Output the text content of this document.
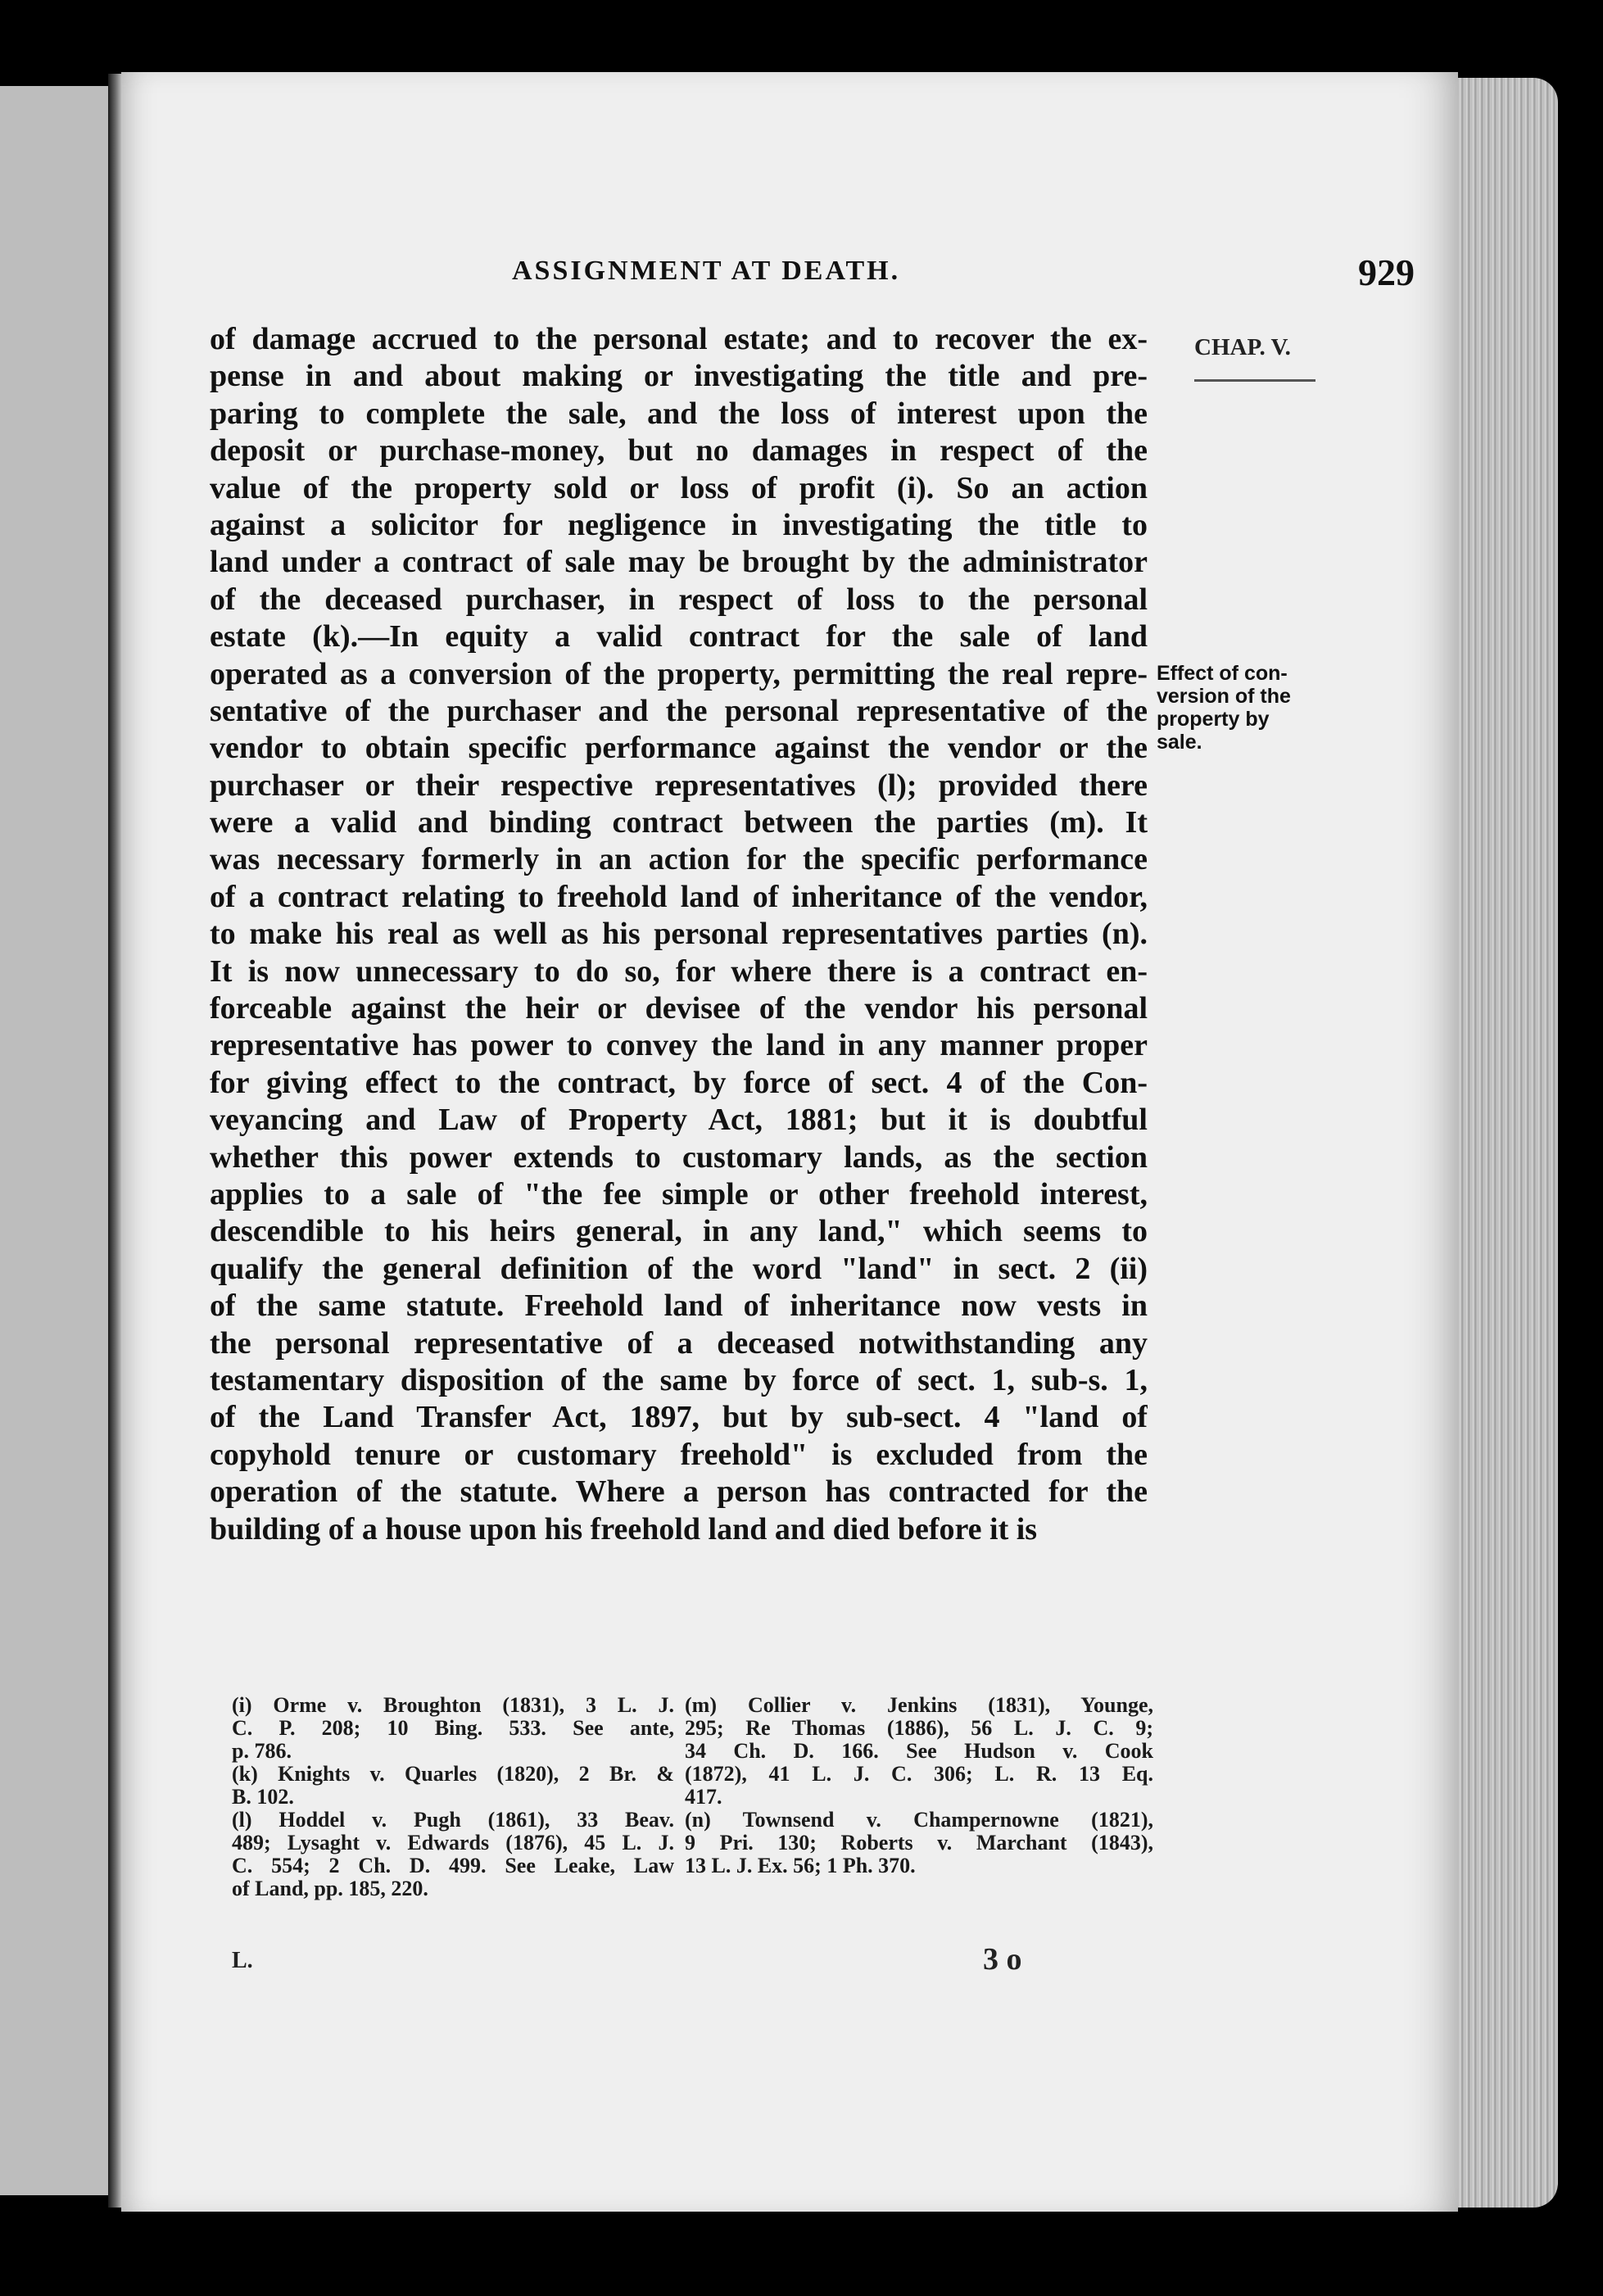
ASSIGNMENT AT DEATH.	929
CHAP. V.
Effect of con-
version of the
property by
sale.
of damage accrued to the personal estate; and to recover the ex-
pense in and about making or investigating the title and pre-
paring to complete the sale, and the loss of interest upon the
deposit or purchase-money, but no damages in respect of the
value of the property sold or loss of profit (i). So an action
against a solicitor for negligence in investigating the title to
land under a contract of sale may be brought by the administrator
of the deceased purchaser, in respect of loss to the personal
estate (k).—In equity a valid contract for the sale of land
operated as a conversion of the property, permitting the real repre-
sentative of the purchaser and the personal representative of the
vendor to obtain specific performance against the vendor or the
purchaser or their respective representatives (l); provided there
were a valid and binding contract between the parties (m). It
was necessary formerly in an action for the specific performance
of a contract relating to freehold land of inheritance of the vendor,
to make his real as well as his personal representatives parties (n).
It is now unnecessary to do so, for where there is a contract en-
forceable against the heir or devisee of the vendor his personal
representative has power to convey the land in any manner proper
for giving effect to the contract, by force of sect. 4 of the Con-
veyancing and Law of Property Act, 1881; but it is doubtful
whether this power extends to customary lands, as the section
applies to a sale of "the fee simple or other freehold interest,
descendible to his heirs general, in any land," which seems to
qualify the general definition of the word "land" in sect. 2 (ii)
of the same statute. Freehold land of inheritance now vests in
the personal representative of a deceased notwithstanding any
testamentary disposition of the same by force of sect. 1, sub-s. 1,
of the Land Transfer Act, 1897, but by sub-sect. 4 "land of
copyhold tenure or customary freehold" is excluded from the
operation of the statute. Where a person has contracted for the
building of a house upon his freehold land and died before it is
(i) Orme v. Broughton (1831), 3 L. J.
C. P. 208; 10 Bing. 533. See ante,
p. 786.
(k) Knights v. Quarles (1820), 2 Br. &
B. 102.
(l) Hoddel v. Pugh (1861), 33 Beav.
489; Lysaght v. Edwards (1876), 45 L. J.
C. 554; 2 Ch. D. 499. See Leake, Law
of Land, pp. 185, 220.
(m) Collier v. Jenkins (1831), Younge,
295; Re Thomas (1886), 56 L. J. C. 9;
34 Ch. D. 166. See Hudson v. Cook
(1872), 41 L. J. C. 306; L. R. 13 Eq.
417.
(n) Townsend v. Champernowne (1821),
9 Pri. 130; Roberts v. Marchant (1843),
13 L. J. Ex. 56; 1 Ph. 370.
L.	3 o
